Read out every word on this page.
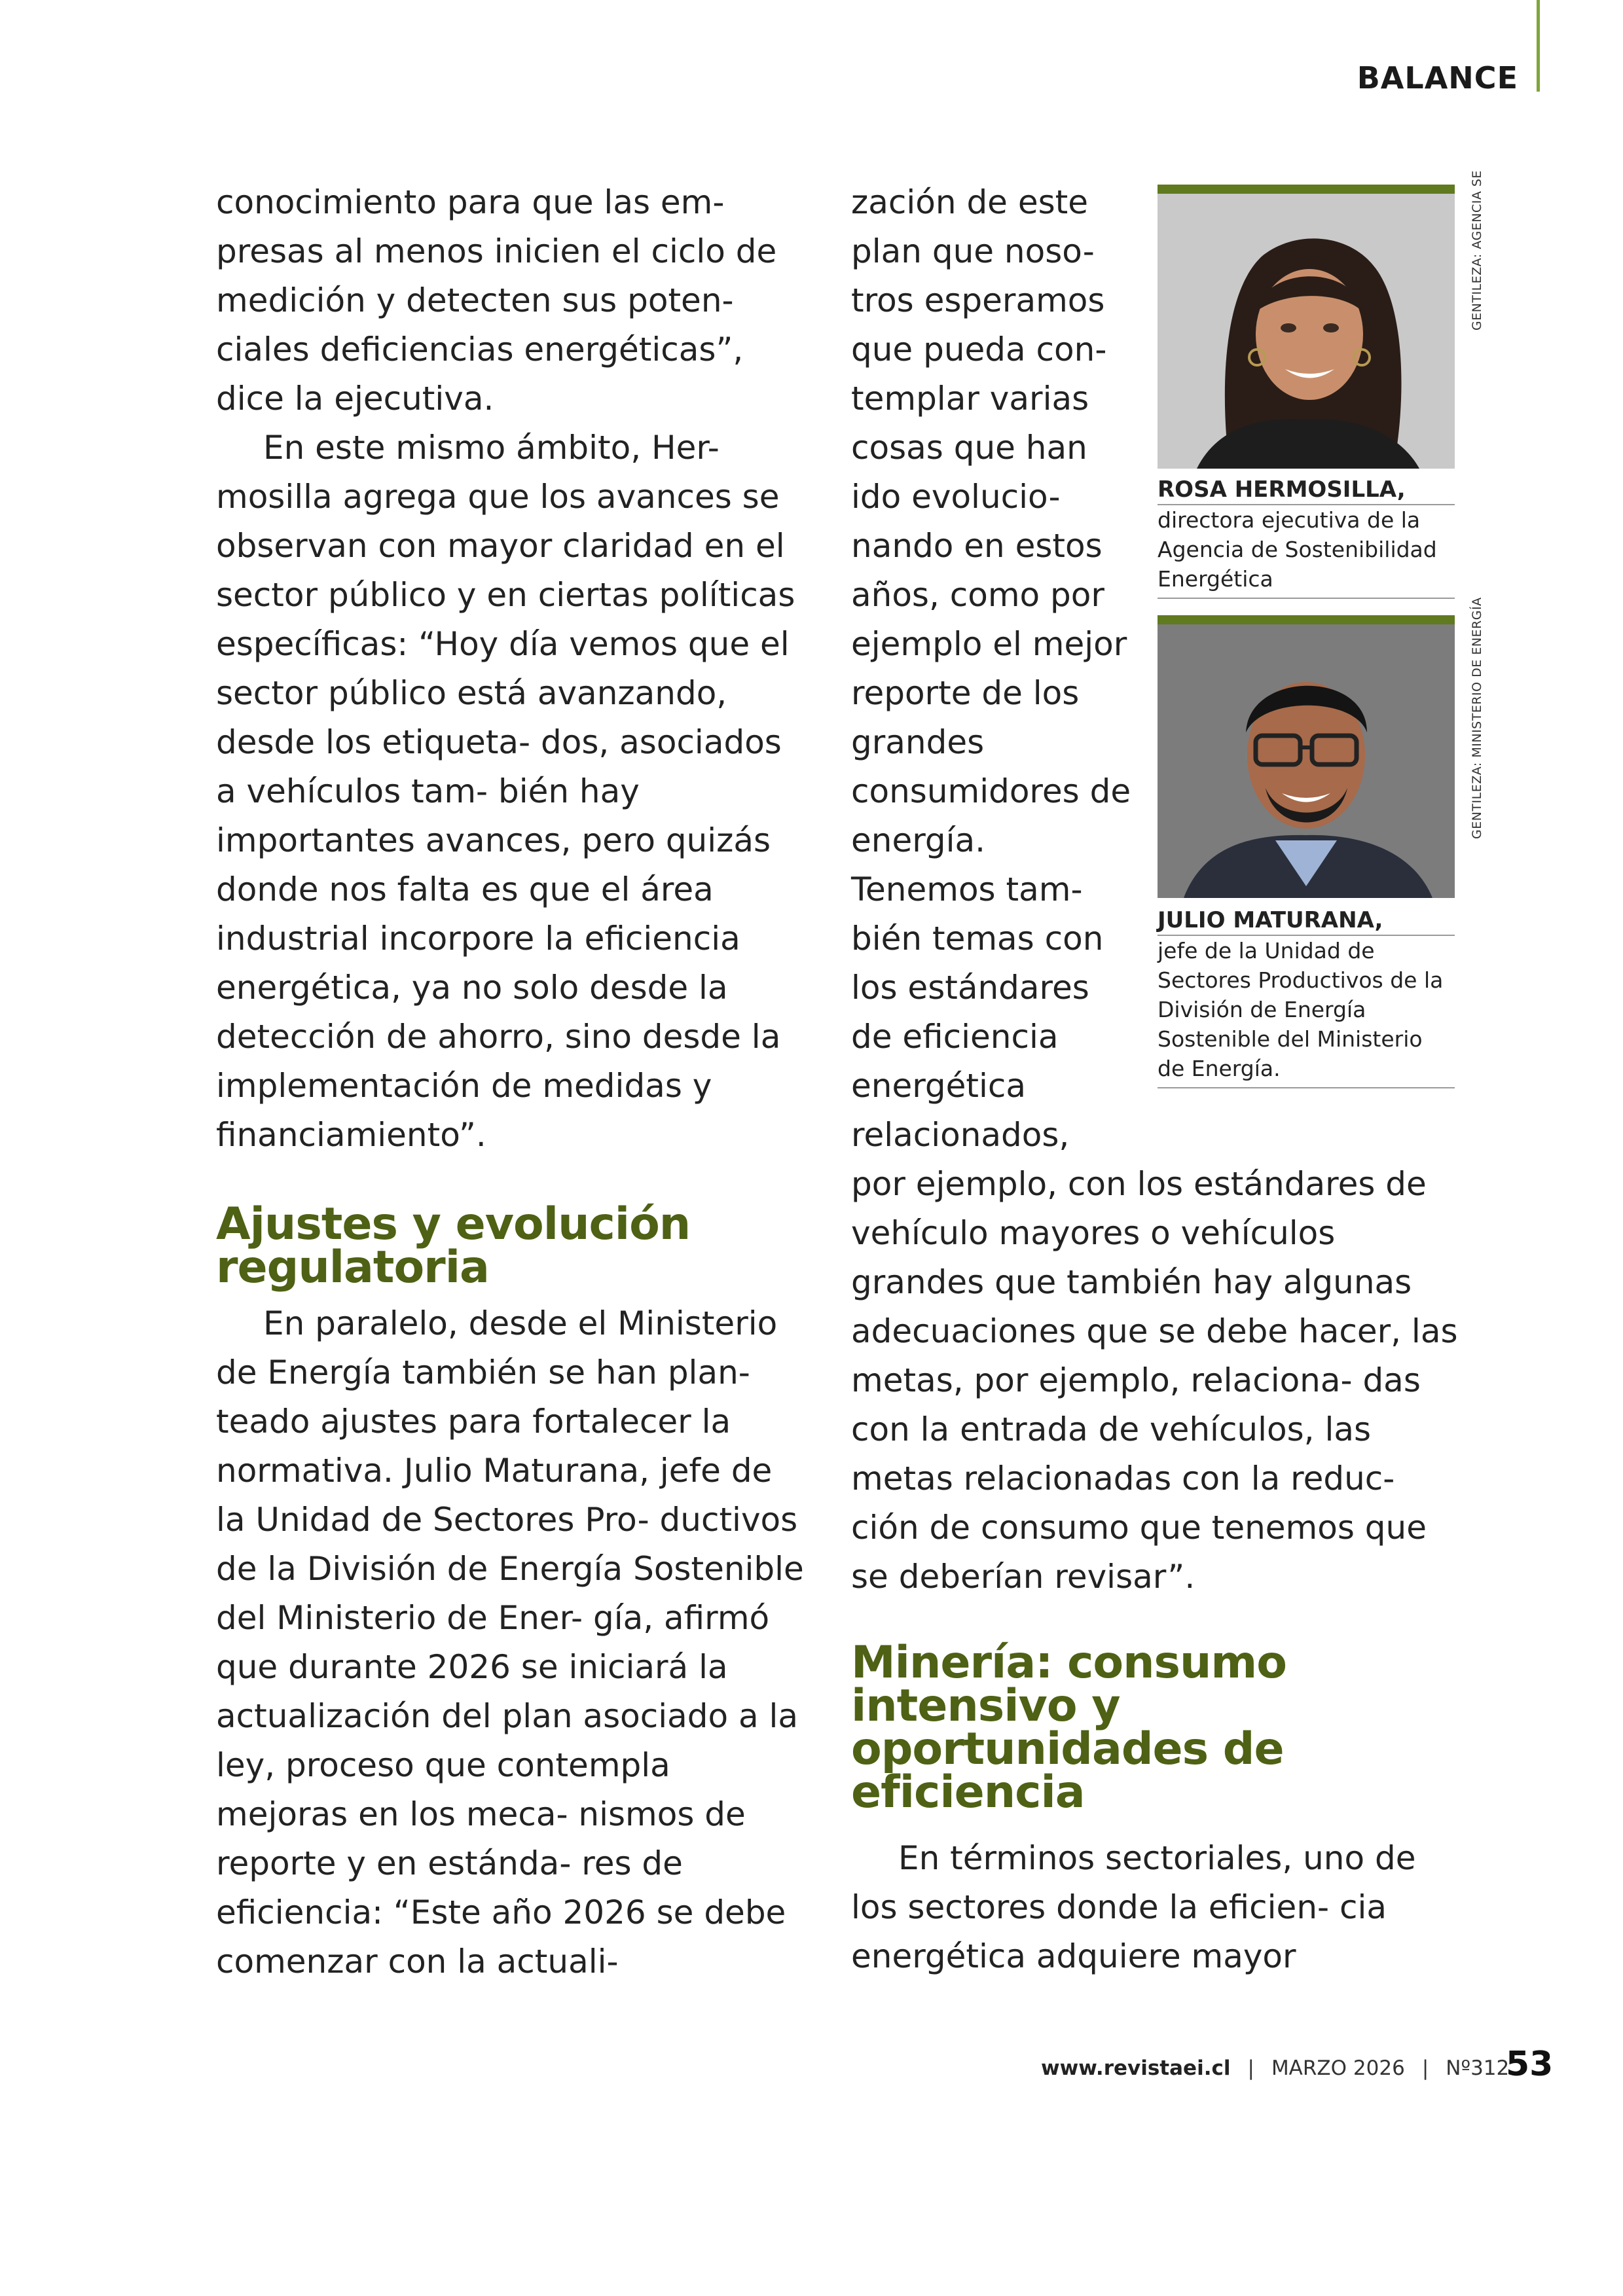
BALANCE

conocimiento para que las em- presas al menos inicien el ciclo de medición y detecten sus poten- ciales deficiencias energéticas”, dice la ejecutiva.

En este mismo ámbito, Her- mosilla agrega que los avances se observan con mayor claridad en el sector público y en ciertas políticas específicas: “Hoy día vemos que el sector público está avanzando, desde los etiqueta- dos, asociados a vehículos tam- bién hay importantes avances, pero quizás donde nos falta es que el área industrial incorpore la eficiencia energética, ya no solo desde la detección de ahorro, sino desde la implementación de medidas y financiamiento”.

Ajustes y evolución regulatoria

En paralelo, desde el Ministerio de Energía también se han plan- teado ajustes para fortalecer la normativa. Julio Maturana, jefe de la Unidad de Sectores Pro- ductivos de la División de Energía Sostenible del Ministerio de Ener- gía, afirmó que durante 2026 se iniciará la actualización del plan asociado a la ley, proceso que contempla mejoras en los meca- nismos de reporte y en estánda- res de eficiencia: “Este año 2026 se debe comenzar con la actuali-

zación de este plan que noso- tros esperamos que pueda con- templar varias cosas que han ido evolucio- nando en estos años, como por ejemplo el mejor reporte de los grandes consumidores de energía. Tenemos tam- bién temas con los estándares de eficiencia energética relacionados,

por ejemplo, con los estándares de vehículo mayores o vehículos grandes que también hay algunas adecuaciones que se debe hacer, las metas, por ejemplo, relaciona- das con la entrada de vehículos, las metas relacionadas con la reduc- ción de consumo que tenemos que se deberían revisar”.

Minería: consumo intensivo y oportunidades de eficiencia

En términos sectoriales, uno de los sectores donde la eficien- cia energética adquiere mayor

GENTILEZA: AGENCIA SE

ROSA HERMOSILLA,

directora ejecutiva de la Agencia de Sostenibilidad Energética

GENTILEZA: MINISTERIO DE ENERGÍA

JULIO MATURANA,

jefe de la Unidad de Sectores Productivos de la División de Energía Sostenible del Ministerio de Energía.

www.revistaei.cl | MARZO 2026 | Nº312
53
